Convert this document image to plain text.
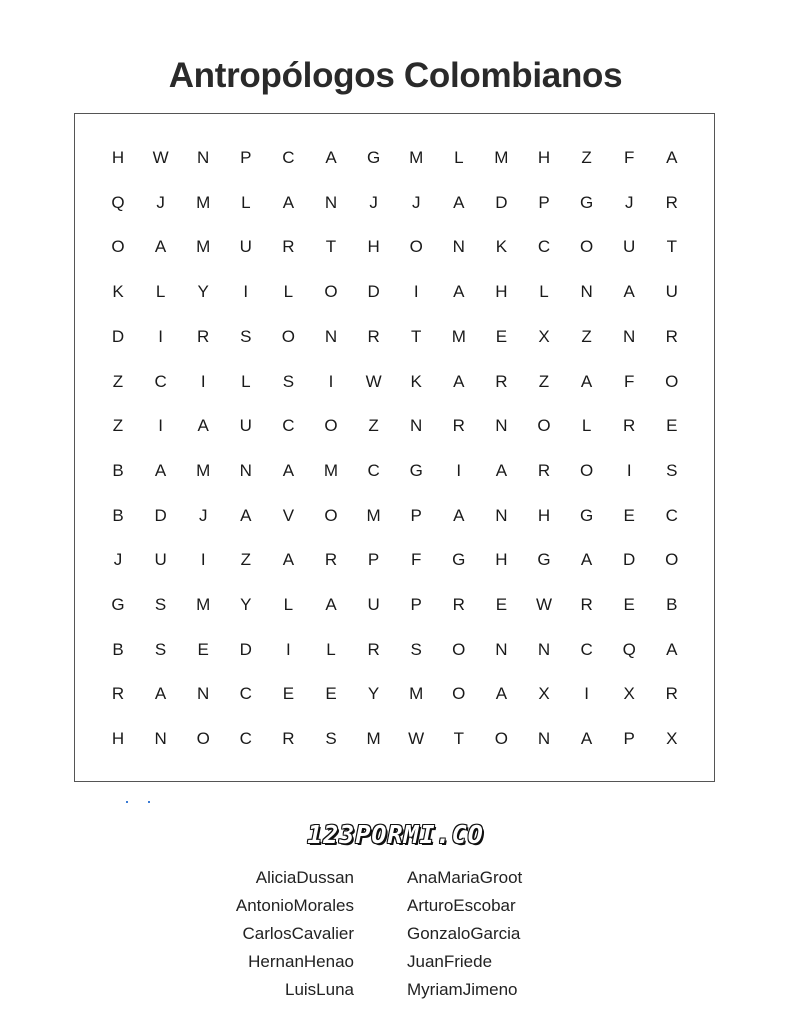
Antropólogos Colombianos
H	W	N	P	C	A	G	M	L	M	H	Z	F	A
Q	J	M	L	A	N	J	J	A	D	P	G	J	R
O	A	M	U	R	T	H	O	N	K	C	O	U	T
K	L	Y	I	L	O	D	I	A	H	L	N	A	U
D	I	R	S	O	N	R	T	M	E	X	Z	N	R
Z	C	I	L	S	I	W	K	A	R	Z	A	F	O
Z	I	A	U	C	O	Z	N	R	N	O	L	R	E
B	A	M	N	A	M	C	G	I	A	R	O	I	S
B	D	J	A	V	O	M	P	A	N	H	G	E	C
J	U	I	Z	A	R	P	F	G	H	G	A	D	O
G	S	M	Y	L	A	U	P	R	E	W	R	E	B
B	S	E	D	I	L	R	S	O	N	N	C	Q	A
R	A	N	C	E	E	Y	M	O	A	X	I	X	R
H	N	O	C	R	S	M	W	T	O	N	A	P	X
123PORMI.CO
AliciaDussan
AntonioMorales
CarlosCavalier
HernanHenao
LuisLuna
AnaMariaGroot
ArturoEscobar
GonzaloGarcia
JuanFriede
MyriamJimeno
